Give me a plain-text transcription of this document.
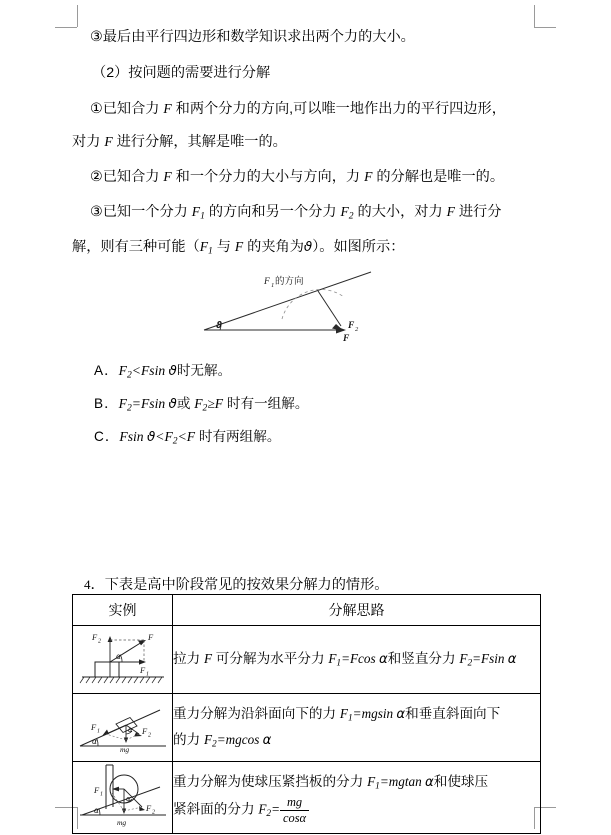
③最后由平行四边形和数学知识求出两个力的大小。
（2）按问题的需要进行分解
①已知合力 F 和两个分力的方向,可以唯一地作出力的平行四边形，
对力 F 进行分解，其解是唯一的。
②已知合力 F 和一个分力的大小与方向，力 F 的分解也是唯一的。
③已知一个分力 $F_1$ 的方向和另一个分力 $F_2$ 的大小，对力 F 进行分
解，则有三种可能（$F_1$ 与 F 的夹角为ϑ）。如图所示：
F 1 的方向
F 2
F
ϑ
A．$F_2<Fsin$ ϑ时无解。
B．$F_2=Fsin$ ϑ或 $F_2\ge F$ 时有一组解。
C．Fsin $ϑ<F_2<F$ 时有两组解。
4．下表是高中阶段常见的按效果分解力的情形。
实例	分解思路

F 2	F
F 1
α	拉力 F 可分解为水平分力 $F_1=Fcos$ α和竖直分力 $F_2=Fsin$ α

α
mg
F 1	F 2
α
	重力分解为沿斜面向下的力 $F_1=mgsin$ α和垂直斜面向下
的力 $F_2=mgcos$ α

α
mg
F 1
F 2
α
	重力分解为使球压紧挡板的分力 $F_1=mgtan$ α和使球压
紧斜面的分力 $F_2= \frac{mg}{\cos\alpha}$
